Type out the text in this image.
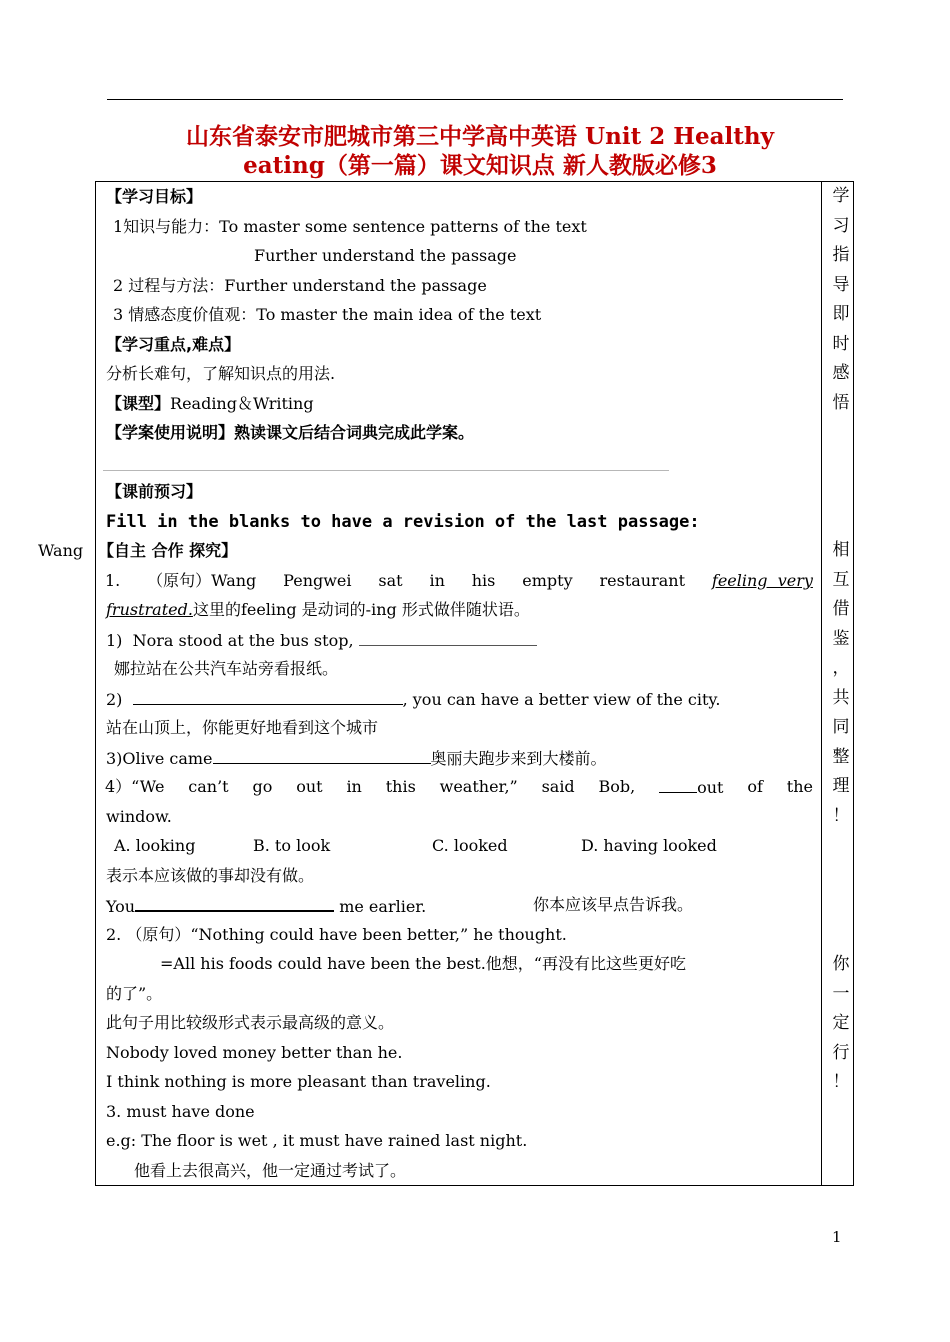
山东省泰安市肥城市第三中学高中英语 Unit 2 Healthy
eating（第一篇）课文知识点 新人教版必修3
学
习
指
导
即
时
感
悟
相
互
借
鉴
，
共
同
整
理
！
你
一
定
行
！
Wang
【学习目标】
1知识与能力：To master some sentence patterns of the text
Further understand the passage
2 过程与方法：Further understand the passage
3 情感态度价值观：To master the main idea of the text
【学习重点,难点】
分析长难句，了解知识点的用法.
【课型】Reading＆Writing
【学案使用说明】熟读课文后结合词典完成此学案。
【课前预习】
Fill in the blanks to have a revision of the last passage:
【自主 合作 探究】
1. （原句）Wang Pengwei sat in his empty restaurant feeling  very
frustrated.这里的feeling 是动词的-ing 形式做伴随状语。
1)  Nora stood at the bus stop,
娜拉站在公共汽车站旁看报纸。
2)	, you can have a better view of the city.
站在山顶上，你能更好地看到这个城市
3)Olive came	奥丽夫跑步来到大楼前。
4）“We can’t go out in this weather,” said Bob,	out of the
window.
A. looking	B. to look	C. looked	D. having looked
表示本应该做的事却没有做。
You	me earlier.	你本应该早点告诉我。
2. （原句）“Nothing could have been better,” he thought.
=All his foods could have been the best.他想，“再没有比这些更好吃
的了”。
此句子用比较级形式表示最高级的意义。
Nobody loved money better than he.
I think nothing is more pleasant than traveling.
3. must have done
e.g: The floor is wet , it must have rained last night.
他看上去很高兴，他一定通过考试了。
1
